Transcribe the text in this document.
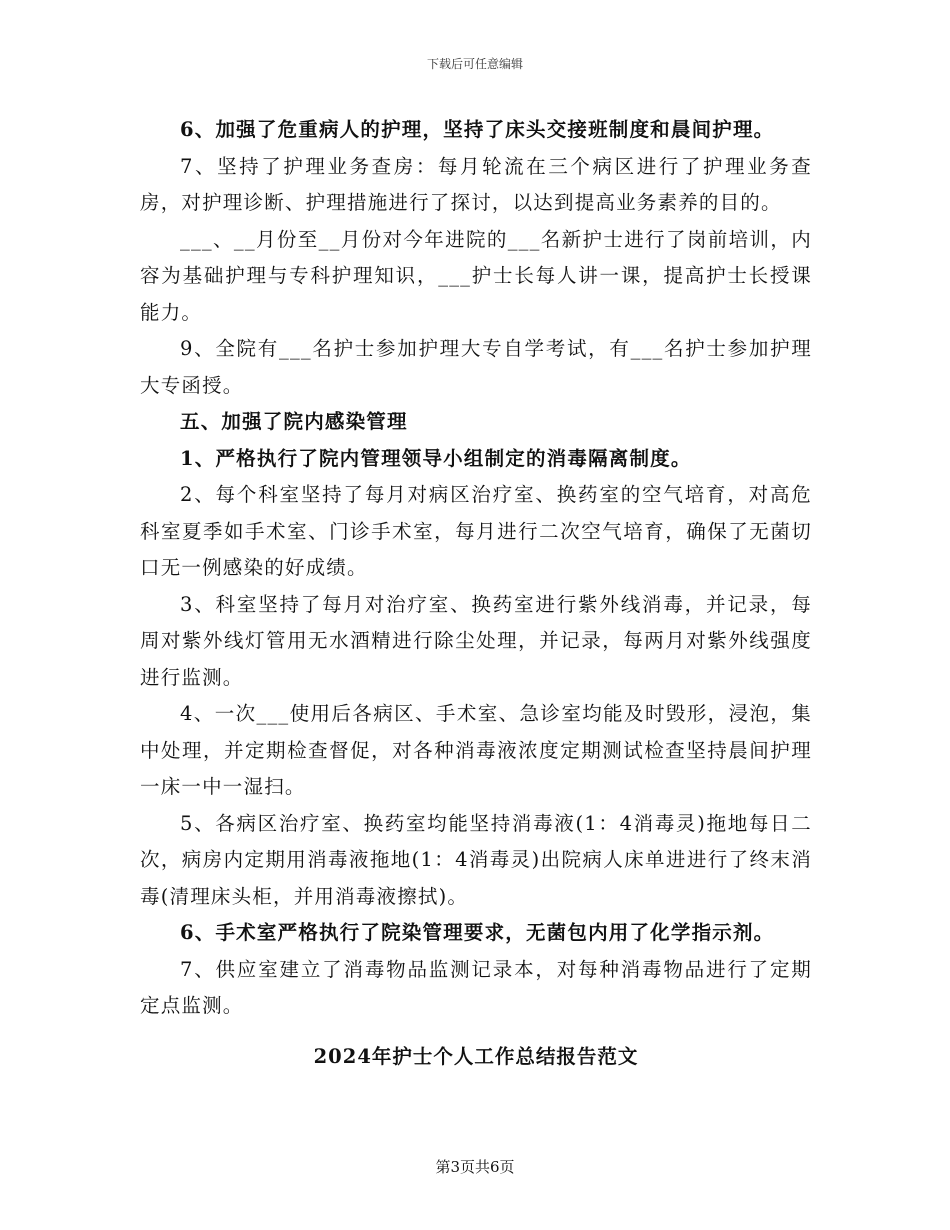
下载后可任意编辑

6、加强了危重病人的护理，坚持了床头交接班制度和晨间护理。

7、坚持了护理业务查房：每月轮流在三个病区进行了护理业务查房，对护理诊断、护理措施进行了探讨，以达到提高业务素养的目的。

___、__月份至__月份对今年进院的___名新护士进行了岗前培训，内容为基础护理与专科护理知识，___护士长每人讲一课，提高护士长授课能力。

9、全院有___名护士参加护理大专自学考试，有___名护士参加护理大专函授。

五、加强了院内感染管理

1、严格执行了院内管理领导小组制定的消毒隔离制度。

2、每个科室坚持了每月对病区治疗室、换药室的空气培育，对高危科室夏季如手术室、门诊手术室，每月进行二次空气培育，确保了无菌切口无一例感染的好成绩。

3、科室坚持了每月对治疗室、换药室进行紫外线消毒，并记录，每周对紫外线灯管用无水酒精进行除尘处理，并记录，每两月对紫外线强度进行监测。

4、一次___使用后各病区、手术室、急诊室均能及时毁形，浸泡，集中处理，并定期检查督促，对各种消毒液浓度定期测试检查坚持晨间护理一床一中一湿扫。

5、各病区治疗室、换药室均能坚持消毒液(1：4消毒灵)拖地每日二次，病房内定期用消毒液拖地(1：4消毒灵)出院病人床单进进行了终末消毒(清理床头柜，并用消毒液擦拭)。

6、手术室严格执行了院染管理要求，无菌包内用了化学指示剂。

7、供应室建立了消毒物品监测记录本，对每种消毒物品进行了定期定点监测。

2024年护士个人工作总结报告范文
第3页共6页
